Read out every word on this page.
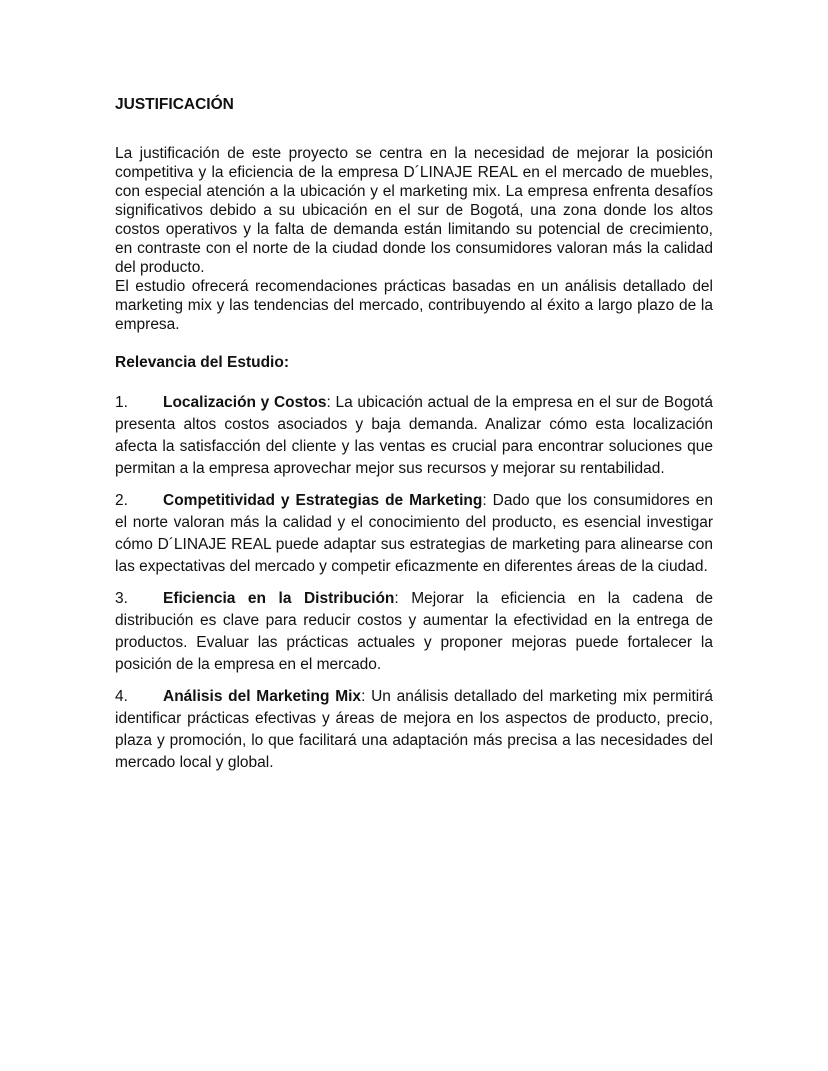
JUSTIFICACIÓN

La justificación de este proyecto se centra en la necesidad de mejorar la posición competitiva y la eficiencia de la empresa D´LINAJE REAL en el mercado de muebles, con especial atención a la ubicación y el marketing mix. La empresa enfrenta desafíos significativos debido a su ubicación en el sur de Bogotá, una zona donde los altos costos operativos y la falta de demanda están limitando su potencial de crecimiento, en contraste con el norte de la ciudad donde los consumidores valoran más la calidad del producto.

El estudio ofrecerá recomendaciones prácticas basadas en un análisis detallado del marketing mix y las tendencias del mercado, contribuyendo al éxito a largo plazo de la empresa.

Relevancia del Estudio:

1. Localización y Costos: La ubicación actual de la empresa en el sur de Bogotá presenta altos costos asociados y baja demanda. Analizar cómo esta localización afecta la satisfacción del cliente y las ventas es crucial para encontrar soluciones que permitan a la empresa aprovechar mejor sus recursos y mejorar su rentabilidad.

2. Competitividad y Estrategias de Marketing: Dado que los consumidores en el norte valoran más la calidad y el conocimiento del producto, es esencial investigar cómo D´LINAJE REAL puede adaptar sus estrategias de marketing para alinearse con las expectativas del mercado y competir eficazmente en diferentes áreas de la ciudad.

3. Eficiencia en la Distribución: Mejorar la eficiencia en la cadena de distribución es clave para reducir costos y aumentar la efectividad en la entrega de productos. Evaluar las prácticas actuales y proponer mejoras puede fortalecer la posición de la empresa en el mercado.

4. Análisis del Marketing Mix: Un análisis detallado del marketing mix permitirá identificar prácticas efectivas y áreas de mejora en los aspectos de producto, precio, plaza y promoción, lo que facilitará una adaptación más precisa a las necesidades del mercado local y global.
